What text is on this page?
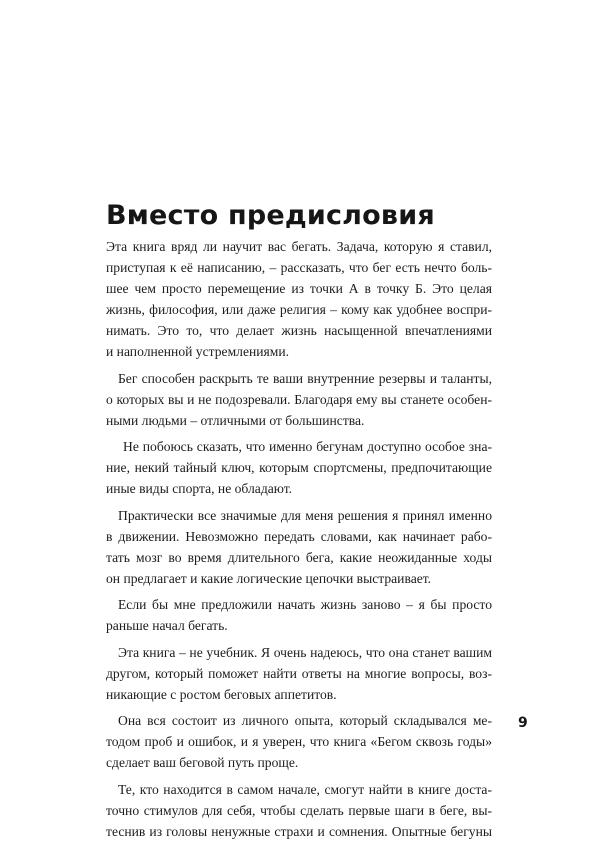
Вместо предисловия

Эта книга вряд ли научит вас бегать. Задача, которую я ставил,
приступая к её написанию, – рассказать, что бег есть нечто боль-
шее чем просто перемещение из точки А в точку Б. Это целая
жизнь, философия, или даже религия – кому как удобнее воспри-
нимать. Это то, что делает жизнь насыщенной впечатлениями
и наполненной устремлениями.

Бег способен раскрыть те ваши внутренние резервы и таланты,
о которых вы и не подозревали. Благодаря ему вы станете особен-
ными людьми – отличными от большинства.

Не побоюсь сказать, что именно бегунам доступно особое зна-
ние, некий тайный ключ, которым спортсмены, предпочитающие
иные виды спорта, не обладают.

Практически все значимые для меня решения я принял именно
в движении. Невозможно передать словами, как начинает рабо-
тать мозг во время длительного бега, какие неожиданные ходы
он предлагает и какие логические цепочки выстраивает.

Если бы мне предложили начать жизнь заново – я бы просто
раньше начал бегать.

Эта книга – не учебник. Я очень надеюсь, что она станет вашим
другом, который поможет найти ответы на многие вопросы, воз-
никающие с ростом беговых аппетитов.

Она вся состоит из личного опыта, который складывался ме-
тодом проб и ошибок, и я уверен, что книга «Бегом сквозь годы»
сделает ваш беговой путь проще.

Те, кто находится в самом начале, смогут найти в книге доста-
точно стимулов для себя, чтобы сделать первые шаги в беге, вы-
теснив из головы ненужные страхи и сомнения. Опытные бегуны

9
